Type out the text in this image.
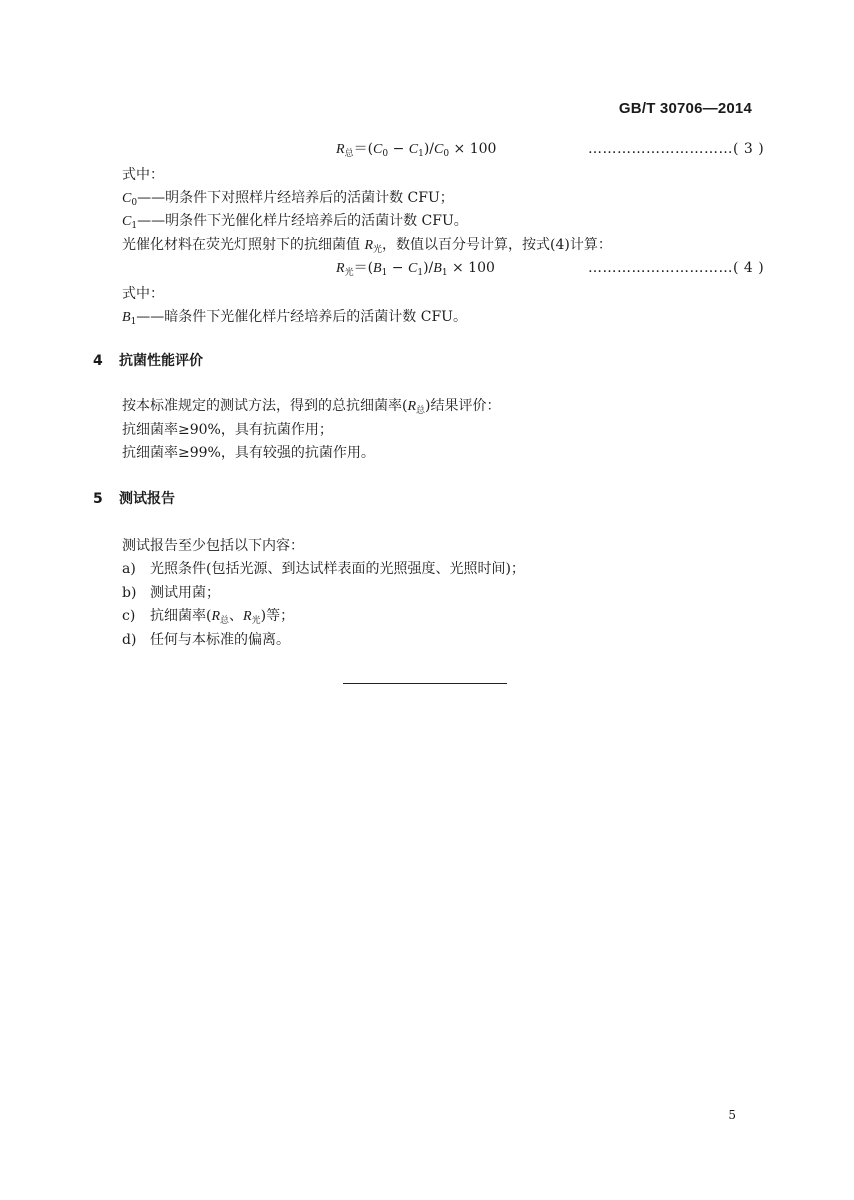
GB/T 30706—2014
$R_总=(C_0 - C_1)/C_0 \times 100$	…………………………( 3 )
式中：
$C_0——$明条件下对照样片经培养后的活菌计数 CFU；
$C_1——$明条件下光催化样片经培养后的活菌计数 CFU。
光催化材料在荧光灯照射下的抗细菌值 $R_光$，数值以百分号计算，按式(4)计算：
$R_光=(B_1 - C_1)/B_1 \times 100$	…………………………( 4 )
式中：
$B_1——$暗条件下光催化样片经培养后的活菌计数 CFU。
4 抗菌性能评价
按本标准规定的测试方法，得到的总抗细菌率$(R_总)$结果评价：
抗细菌率≥90%，具有抗菌作用；
抗细菌率≥99%，具有较强的抗菌作用。
5 测试报告
测试报告至少包括以下内容：
a) 光照条件(包括光源、到达试样表面的光照强度、光照时间)；
b) 测试用菌；
c) 抗细菌率($R_总$、$R_光$)等；
d) 任何与本标准的偏离。
5
